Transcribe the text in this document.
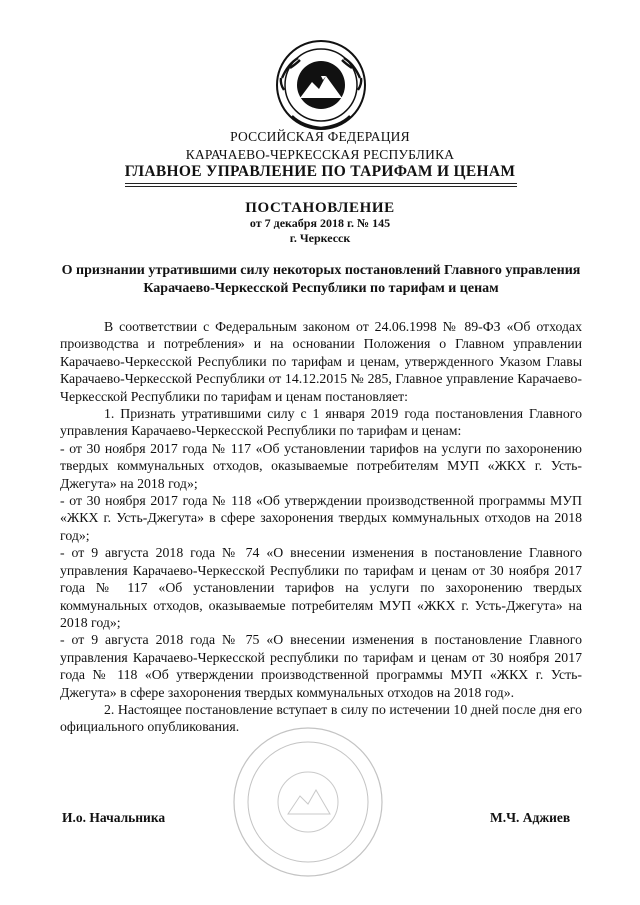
РОССИЙСКАЯ ФЕДЕРАЦИЯ
КАРАЧАЕВО-ЧЕРКЕССКАЯ РЕСПУБЛИКА
ГЛАВНОЕ УПРАВЛЕНИЕ ПО ТАРИФАМ И ЦЕНАМ
ПОСТАНОВЛЕНИЕ
от 7 декабря 2018 г. № 145
г. Черкесск
О признании утратившими силу некоторых постановлений Главного управления Карачаево-Черкесской Республики по тарифам и ценам

В соответствии с Федеральным законом от 24.06.1998 № 89-ФЗ «Об отходах производства и потребления» и на основании Положения о Главном управлении Карачаево-Черкесской Республики по тарифам и ценам, утвержденного Указом Главы Карачаево-Черкесской Республики от 14.12.2015 № 285, Главное управление Карачаево-Черкесской Республики по тарифам и ценам постановляет:

1. Признать утратившими силу с 1 января 2019 года постановления Главного управления Карачаево-Черкесской Республики по тарифам и ценам:

- от 30 ноября 2017 года № 117 «Об установлении тарифов на услуги по захоронению твердых коммунальных отходов, оказываемые потребителям МУП «ЖКХ г. Усть-Джегута» на 2018 год»;

- от 30 ноября 2017 года № 118 «Об утверждении производственной программы МУП «ЖКХ г. Усть-Джегута» в сфере захоронения твердых коммунальных отходов на 2018 год»;

- от 9 августа 2018 года № 74 «О внесении изменения в постановление Главного управления Карачаево-Черкесской Республики по тарифам и ценам от 30 ноября 2017 года № 117 «Об установлении тарифов на услуги по захоронению твердых коммунальных отходов, оказываемые потребителям МУП «ЖКХ г. Усть-Джегута» на 2018 год»;

- от 9 августа 2018 года № 75 «О внесении изменения в постановление Главного управления Карачаево-Черкесской республики по тарифам и ценам от 30 ноября 2017 года № 118 «Об утверждении производственной программы МУП «ЖКХ г. Усть-Джегута» в сфере захоронения твердых коммунальных отходов на 2018 год».

2. Настоящее постановление вступает в силу по истечении 10 дней после дня его официального опубликования.

И.о. Начальника	М.Ч. Аджиев
